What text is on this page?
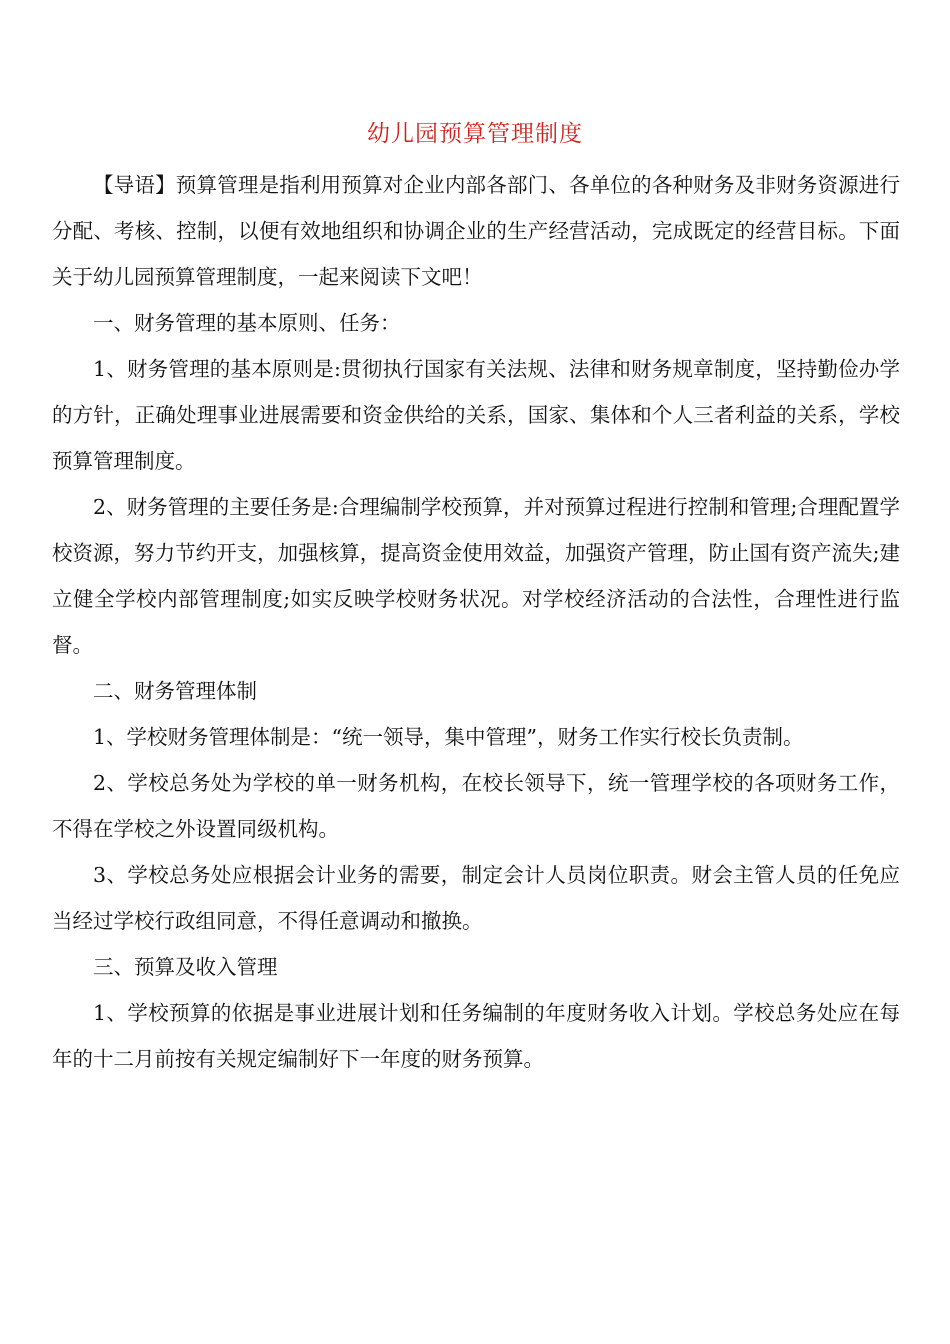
幼儿园预算管理制度

【导语】预算管理是指利用预算对企业内部各部门、各单位的各种财务及非财务资源进行分配、考核、控制，以便有效地组织和协调企业的生产经营活动，完成既定的经营目标。下面关于幼儿园预算管理制度，一起来阅读下文吧！

一、财务管理的基本原则、任务：

1、财务管理的基本原则是:贯彻执行国家有关法规、法律和财务规章制度，坚持勤俭办学的方针，正确处理事业进展需要和资金供给的关系，国家、集体和个人三者利益的关系，学校预算管理制度。

2、财务管理的主要任务是:合理编制学校预算，并对预算过程进行控制和管理;合理配置学校资源，努力节约开支，加强核算，提高资金使用效益，加强资产管理，防止国有资产流失;建立健全学校内部管理制度;如实反映学校财务状况。对学校经济活动的合法性，合理性进行监督。

二、财务管理体制

1、学校财务管理体制是：“统一领导，集中管理”，财务工作实行校长负责制。

2、学校总务处为学校的单一财务机构，在校长领导下，统一管理学校的各项财务工作，不得在学校之外设置同级机构。

3、学校总务处应根据会计业务的需要，制定会计人员岗位职责。财会主管人员的任免应当经过学校行政组同意，不得任意调动和撤换。

三、预算及收入管理

1、学校预算的依据是事业进展计划和任务编制的年度财务收入计划。学校总务处应在每年的十二月前按有关规定编制好下一年度的财务预算。
